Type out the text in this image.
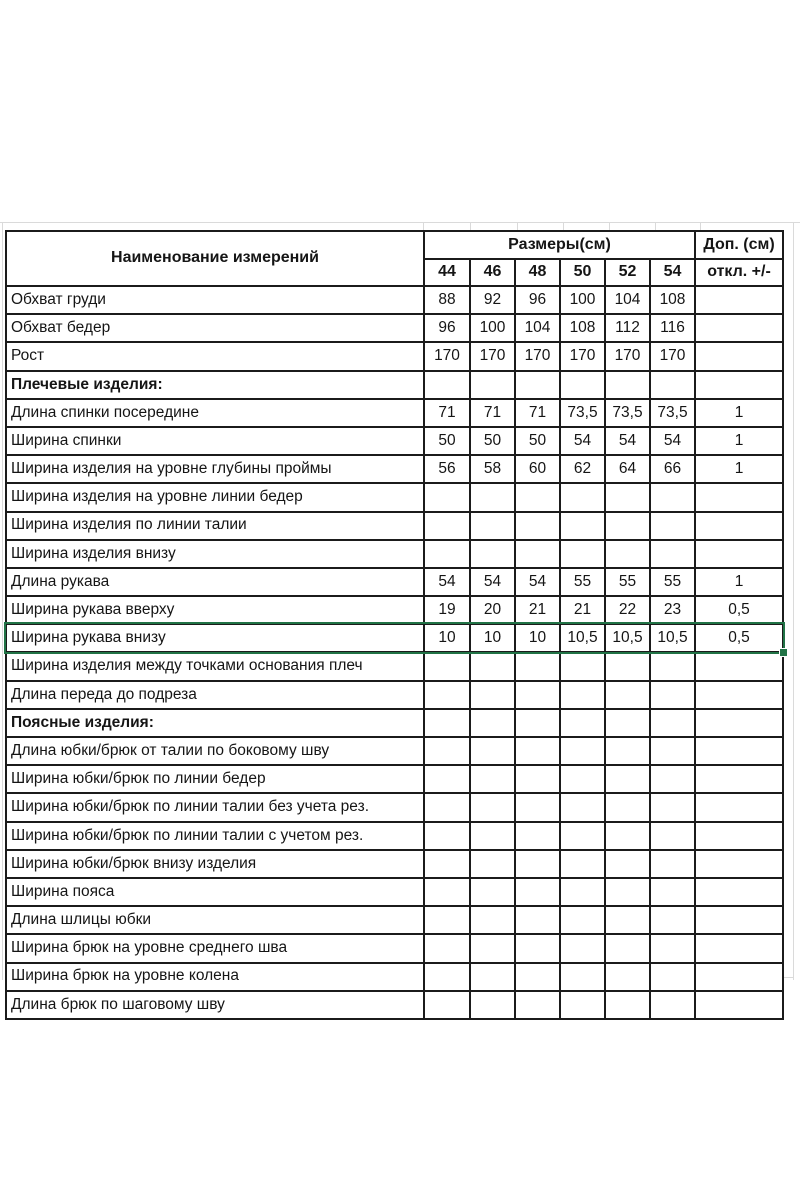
Наименование измерений	Размеры(см)						Доп. (см)
	44	46	48	50	52	54	откл. +/-
Обхват груди	88	92	96	100	104	108	
Обхват бедер	96	100	104	108	112	116	
Рост	170	170	170	170	170	170	
Плечевые изделия:							
Длина спинки посередине	71	71	71	73,5	73,5	73,5	1
Ширина спинки	50	50	50	54	54	54	1
Ширина изделия на уровне глубины проймы	56	58	60	62	64	66	1
Ширина изделия на уровне линии бедер							
Ширина изделия по линии талии							
Ширина изделия внизу							
Длина рукава	54	54	54	55	55	55	1
Ширина рукава вверху	19	20	21	21	22	23	0,5
Ширина рукава внизу	10	10	10	10,5	10,5	10,5	0,5
Ширина изделия между точками основания плеч							
Длина переда до подреза							
Поясные изделия:							
Длина юбки/брюк от талии по боковому шву							
Ширина юбки/брюк по линии бедер							
Ширина юбки/брюк по линии талии без учета рез.							
Ширина юбки/брюк по линии талии с учетом рез.							
Ширина юбки/брюк внизу изделия							
Ширина пояса							
Длина шлицы юбки							
Ширина брюк на уровне среднего шва							
Ширина брюк на уровне колена							
Длина брюк по шаговому шву							
